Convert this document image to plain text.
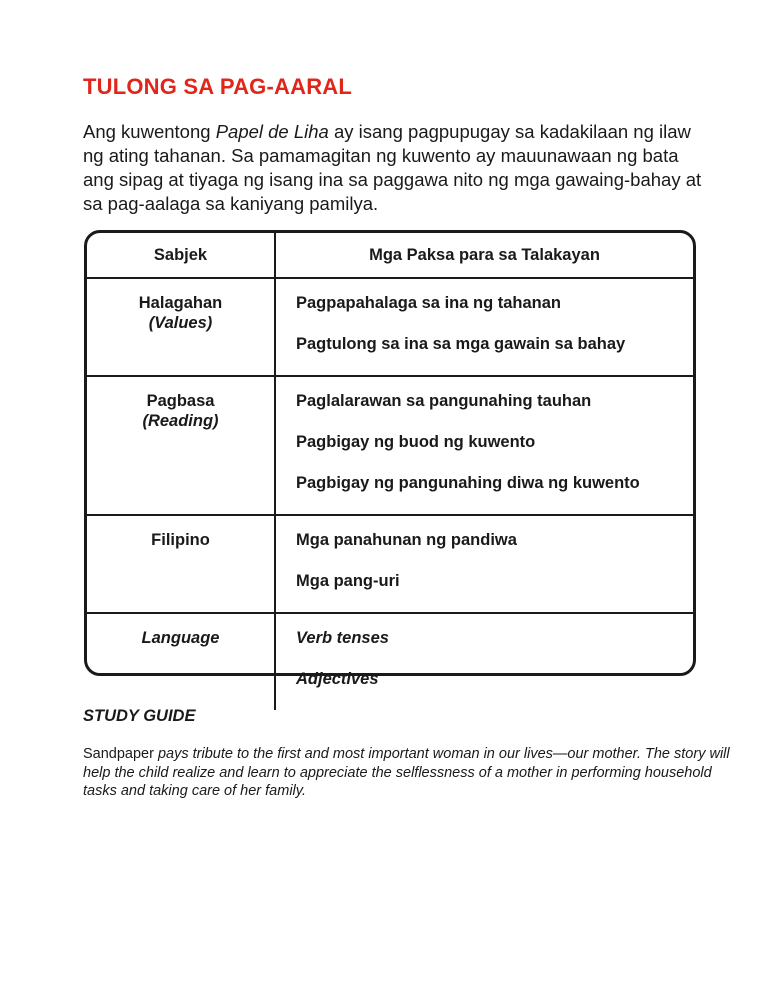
TULONG SA PAG-AARAL

Ang kuwentong Papel de Liha ay isang pagpupugay sa kadakilaan ng ilaw ng ating tahanan. Sa pamamagitan ng kuwento ay mauunawaan ng bata ang sipag at tiyaga ng isang ina sa paggawa nito ng mga gawaing-bahay at sa pag-aalaga sa kaniyang pamilya.

Sabjek	Mga Paksa para sa Talakayan
Halagahan
(Values)	Pagpapahalaga sa ina ng tahanan
Pagtulong sa ina sa mga gawain sa bahay

Pagbasa
(Reading)	Paglalarawan sa pangunahing tauhan
Pagbigay ng buod ng kuwento
Pagbigay ng pangunahing diwa ng kuwento

Filipino	Mga panahunan ng pandiwa
Mga pang-uri

Language	Verb tenses
Adjectives
STUDY GUIDE

Sandpaper pays tribute to the first and most important woman in our lives—our mother. The story will help the child realize and learn to appreciate the selflessness of a mother in performing household tasks and taking care of her family.
